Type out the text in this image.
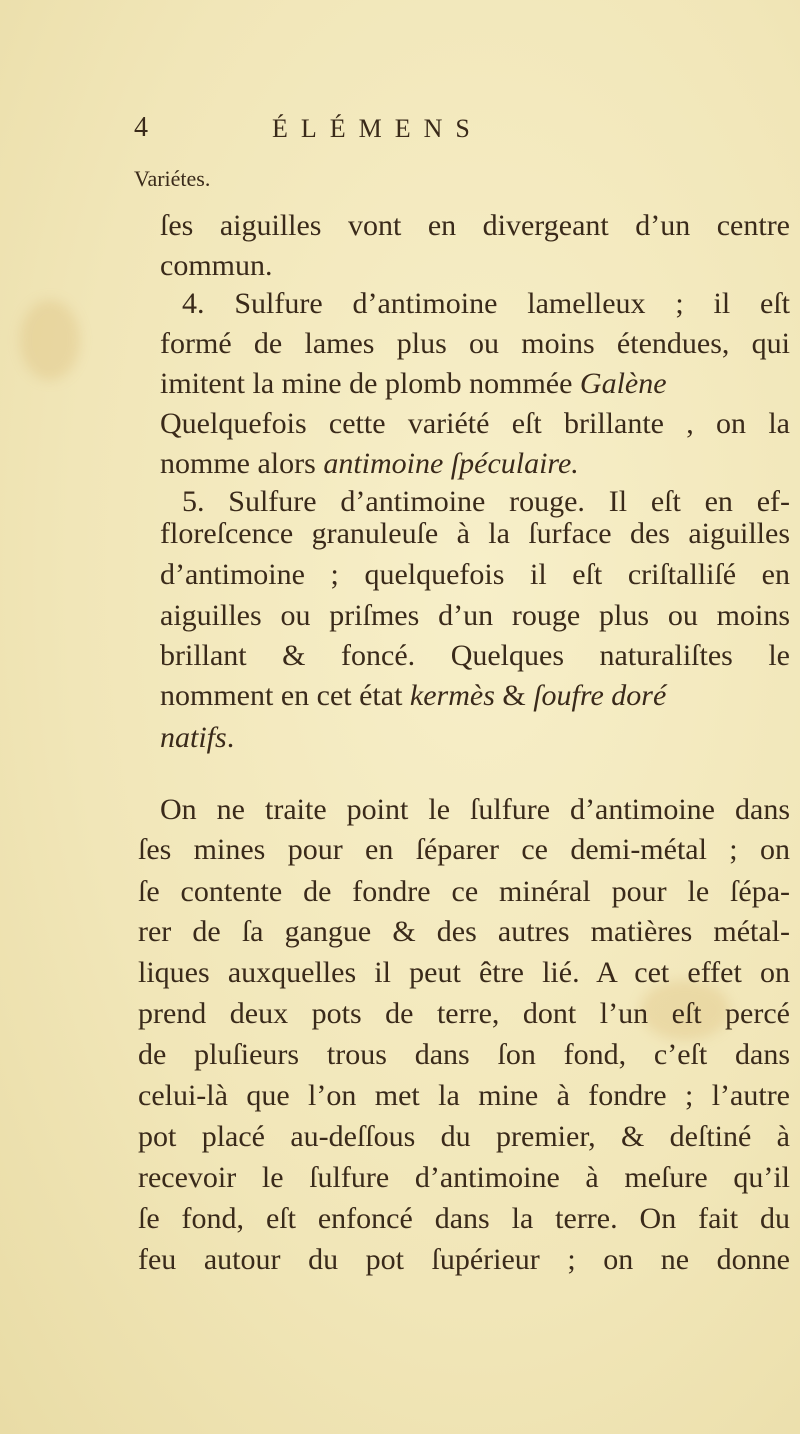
4	ÉLÉMENS
Variétes.
ſes aiguilles vont en divergeant d’un centre
commun.
4. Sulfure d’antimoine lamelleux ; il eſt
formé de lames plus ou moins étendues, qui
imitent la mine de plomb nommée Galène
Quelquefois cette variété eſt brillante , on la
nomme alors antimoine ſpéculaire.
5. Sulfure d’antimoine rouge. Il eſt en ef-
floreſcence granuleuſe à la ſurface des aiguilles
d’antimoine ; quelquefois il eſt criſtalliſé en
aiguilles ou priſmes d’un rouge plus ou moins
brillant & foncé. Quelques naturaliſtes le
nomment en cet état kermès & ſoufre doré
natifs.
On ne traite point le ſulfure d’antimoine dans
ſes mines pour en ſéparer ce demi-métal ; on
ſe contente de fondre ce minéral pour le ſépa-
rer de ſa gangue & des autres matières métal-
liques auxquelles il peut être lié. A cet effet on
prend deux pots de terre, dont l’un eſt percé
de pluſieurs trous dans ſon fond, c’eſt dans
celui-là que l’on met la mine à fondre ; l’autre
pot placé au-deſſous du premier, & deſtiné à
recevoir le ſulfure d’antimoine à meſure qu’il
ſe fond, eſt enfoncé dans la terre. On fait du
feu autour du pot ſupérieur ; on ne donne
